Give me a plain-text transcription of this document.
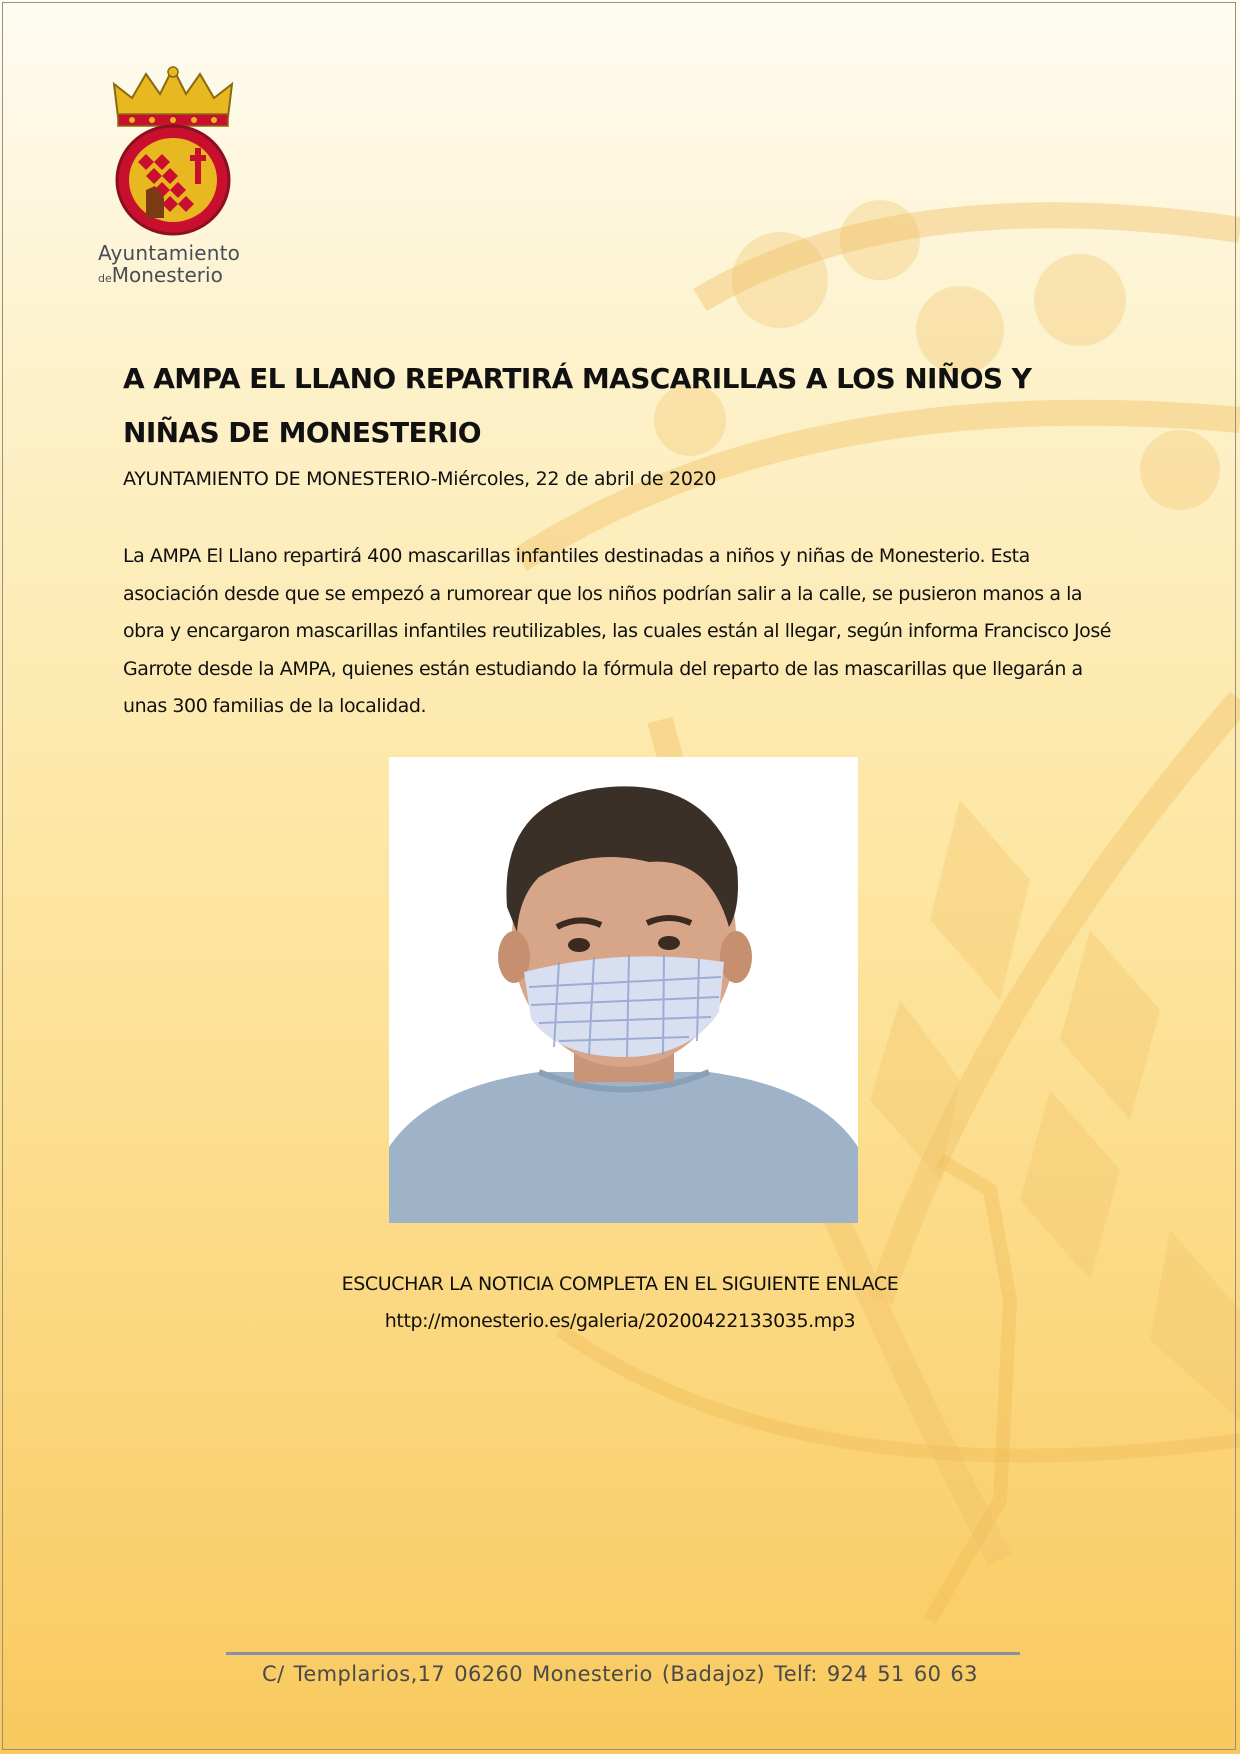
Ayuntamiento
deMonesterio
A AMPA EL LLANO REPARTIRÁ MASCARILLAS A LOS NIÑOS Y NIÑAS DE MONESTERIO

AYUNTAMIENTO DE MONESTERIO-Miércoles, 22 de abril de 2020

La AMPA El Llano repartirá 400 mascarillas infantiles destinadas a niños y niñas de Monesterio. Esta asociación desde que se empezó a rumorear que los niños podrían salir a la calle, se pusieron manos a la obra y encargaron mascarillas infantiles reutilizables, las cuales están al llegar, según informa Francisco José Garrote desde la AMPA, quienes están estudiando la fórmula del reparto de las mascarillas que llegarán a unas 300 familias de la localidad.

ESCUCHAR LA NOTICIA COMPLETA EN EL SIGUIENTE ENLACE
http://monesterio.es/galeria/20200422133035.mp3
C/ Templarios,17 06260 Monesterio (Badajoz) Telf: 924 51 60 63
